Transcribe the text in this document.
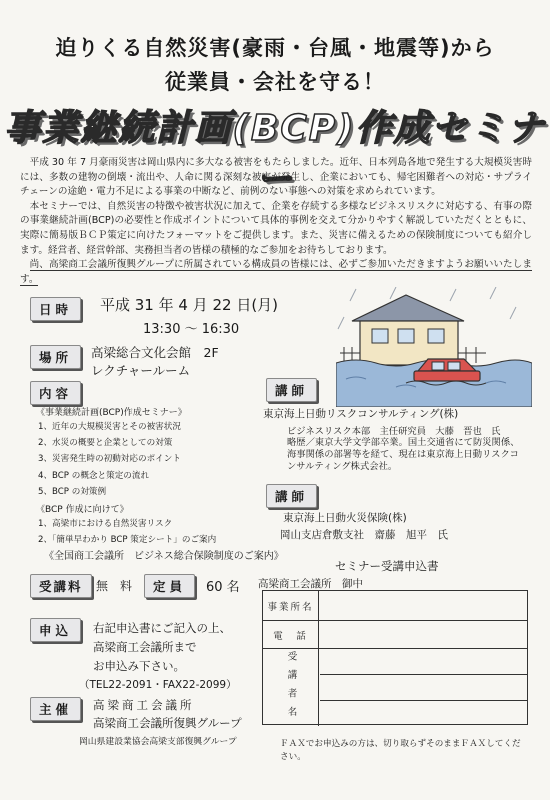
迫りくる自然災害(豪雨・台風・地震等)から
従業員・会社を守る！
事業継続計画(BCP)作成セミナー

平成 30 年 7 月豪雨災害は岡山県内に多大なる被害をもたらしました。近年、日本列島各地で発生する大規模災害時には、多数の建物の倒壊・流出や、人命に関る深刻な被害が発生し、企業においても、帰宅困難者への対応・サプライチェーンの途絶・電力不足による事業の中断など、前例のない事態への対策を求められています。

本セミナーでは、自然災害の特徴や被害状況に加えて、企業を存続する多様なビジネスリスクに対応する、有事の際の事業継続計画(BCP)の必要性と作成ポイントについて具体的事例を交えて分かりやすく解説していただくとともに、実際に簡易版ＢＣＰ策定に向けたフォーマットをご提供します。また、災害に備えるための保険制度についても紹介します。経営者、経営幹部、実務担当者の皆様の積極的なご参加をお待ちしております。

尚、高梁商工会議所復興グループに所属されている構成員の皆様には、必ずご参加いただきますようお願いいたします。

日時	平成 31 年 4 月 22 日(月)
13:30 ～ 16:30
場所	高梁総合文化会館　2F
レクチャールーム
内容
《事業継続計画(BCP)作成セミナー》
1、近年の大規模災害とその被害状況
2、水災の概要と企業としての対策
3、災害発生時の初動対応のポイント
4、BCP の概念と策定の流れ
5、BCP の対策例
《BCP 作成に向けて》
1、高梁市における自然災害リスク
2、「簡単早わかり BCP 策定シート」のご案内
《全国商工会議所　ビジネス総合保険制度のご案内》
講師
東京海上日動リスクコンサルティング(株)
ビジネスリスク本部　主任研究員　大藤　晋也　氏
略歴／東京大学文学部卒業。国土交通省にて防災関係、海事関係の部署等を経て、現在は東京海上日動リスクコンサルティング株式会社。
講師
東京海上日動火災保険(株)
岡山支店倉敷支社　齋藤　旭平　氏
受講料	無　料	定員	60 名
申込	右記申込書にご記入の上、
高梁商工会議所まで
お申込み下さい。
（TEL22-2091・FAX22-2099）
主催	高梁商工会議所
高梁商工会議所復興グループ
岡山県建設業協会高梁支部復興グループ
セミナー受講申込書
高梁商工会議所　御中
事業所名
電　話
受講者名
ＦＡＸでお申込みの方は、切り取らずそのままＦＡＸしてください。
